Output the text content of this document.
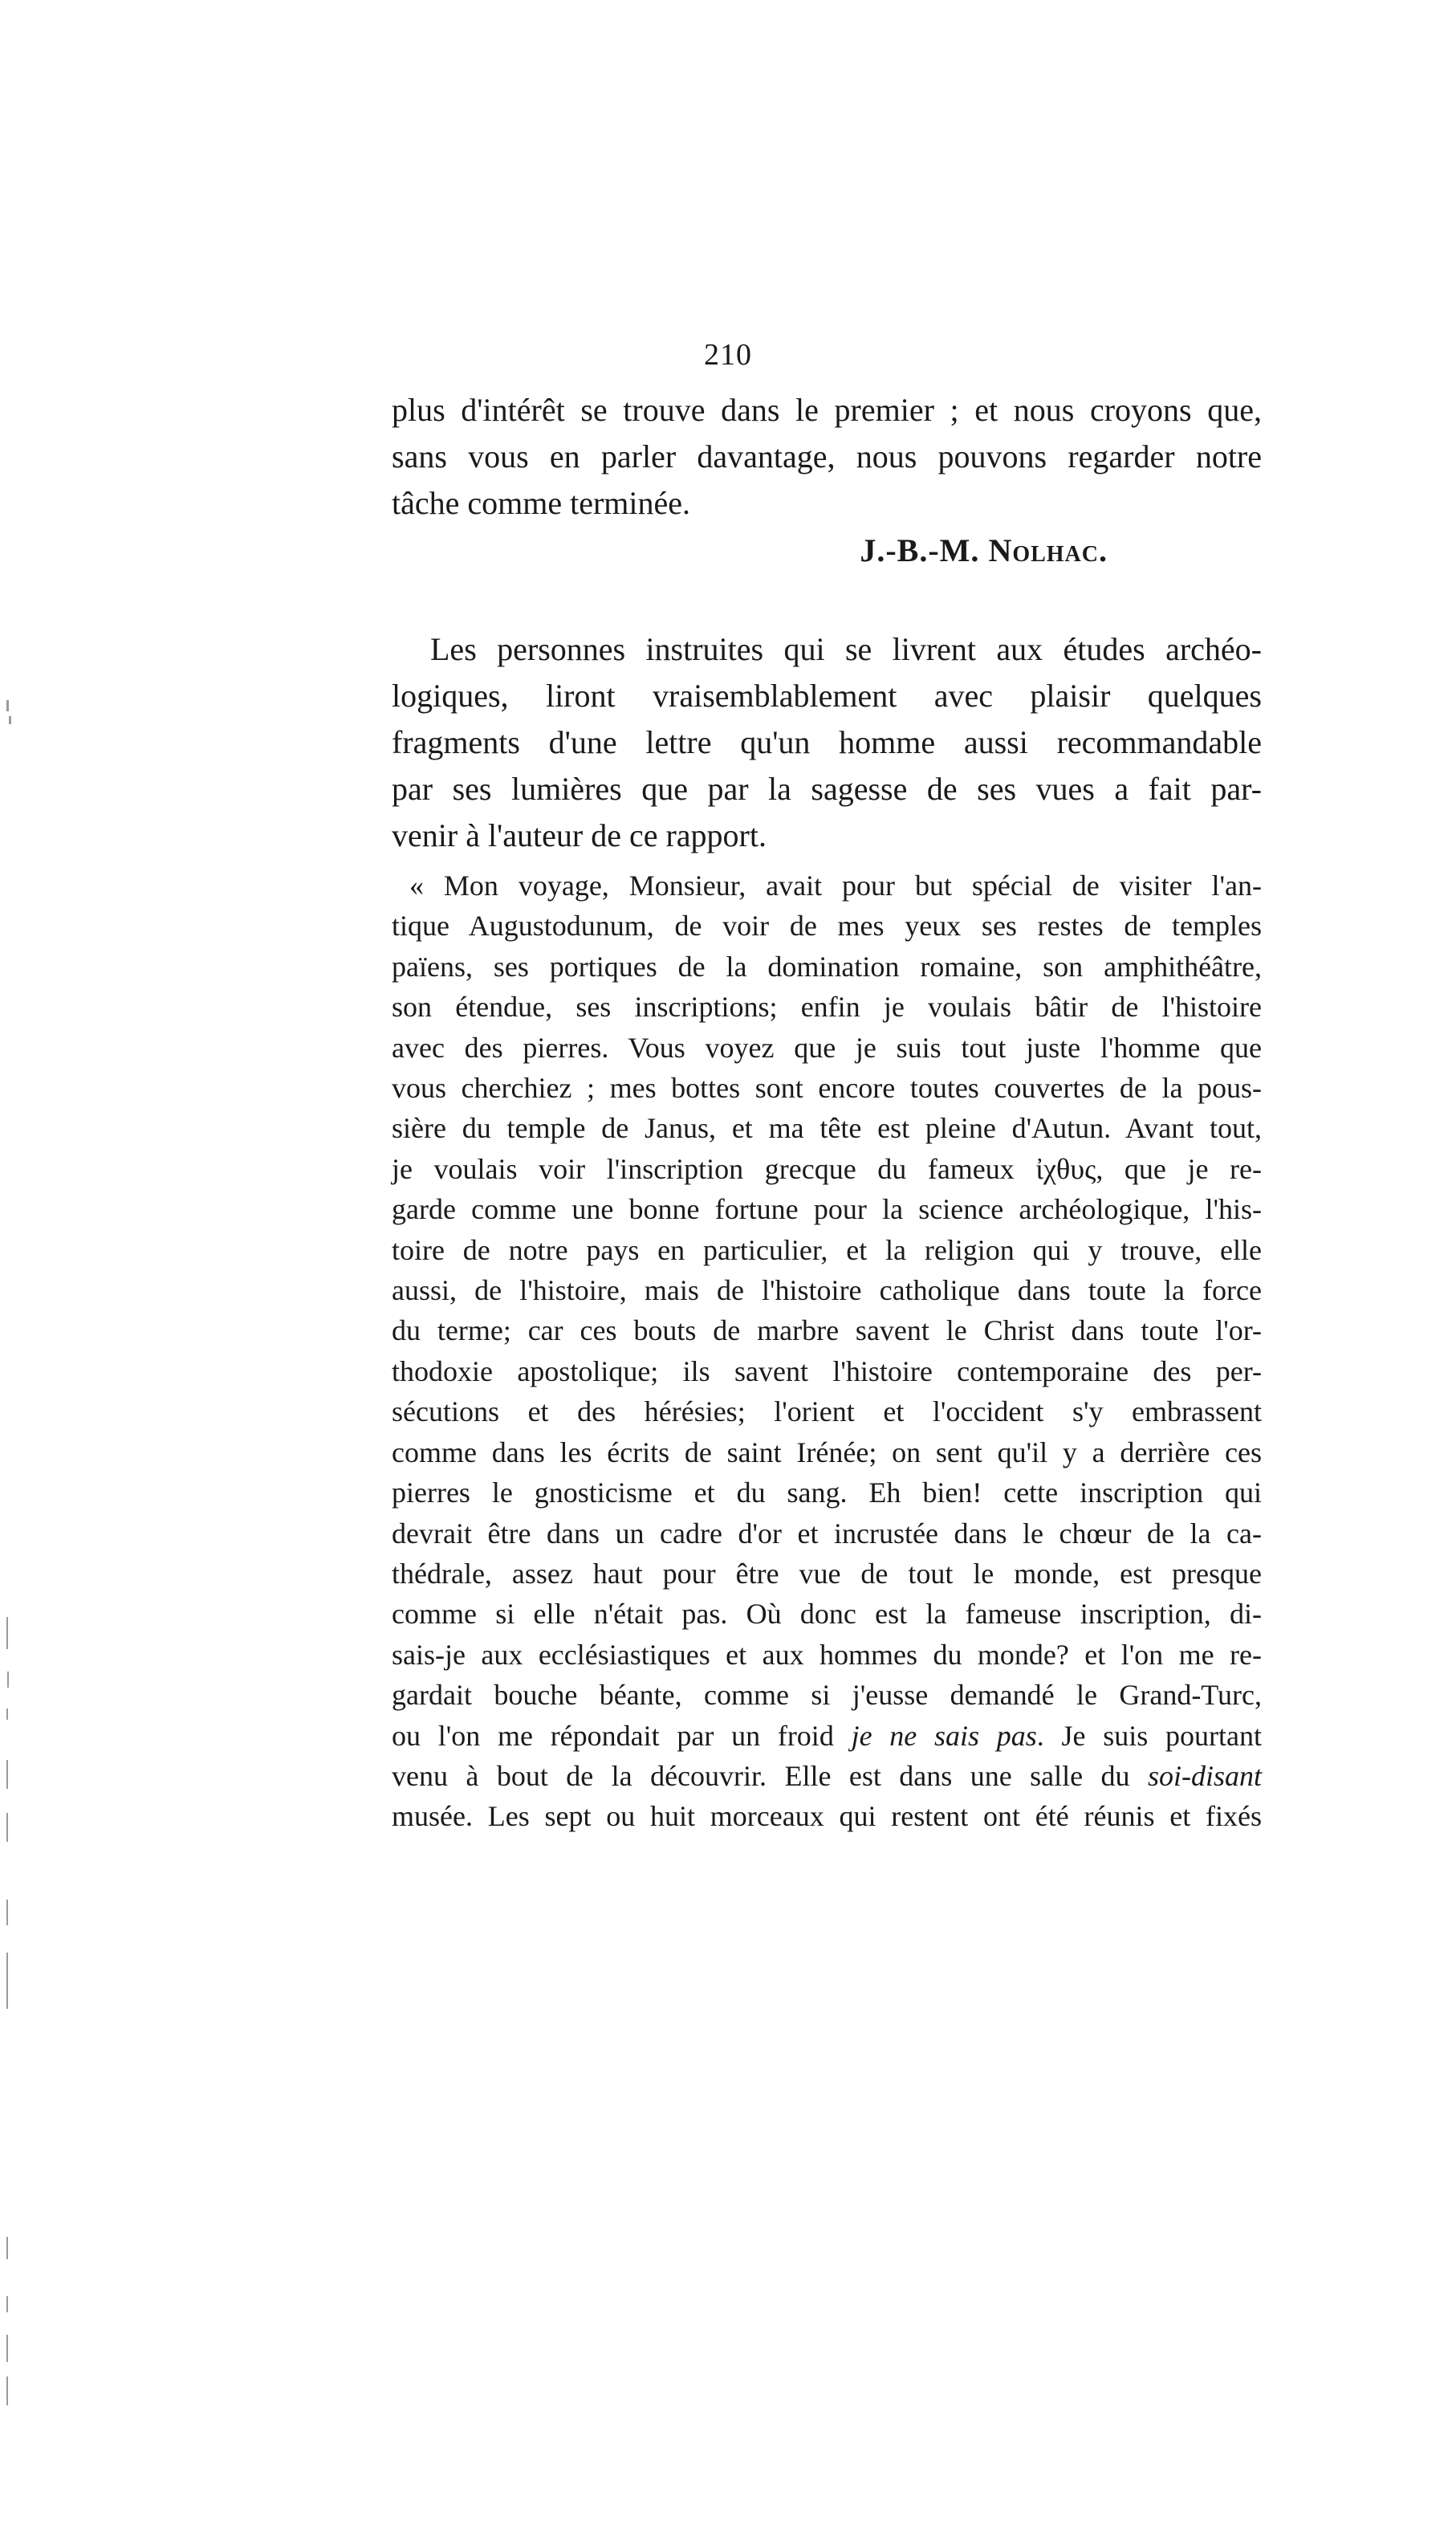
210
plus d'intérêt se trouve dans le premier ; et nous croyons que,
sans vous en parler davantage, nous pouvons regarder notre
tâche comme terminée.
J.-B.-M. Nolhac.
Les personnes instruites qui se livrent aux études archéo-
logiques, liront vraisemblablement avec plaisir quelques
fragments d'une lettre qu'un homme aussi recommandable
par ses lumières que par la sagesse de ses vues a fait par-
venir à l'auteur de ce rapport.
« Mon voyage, Monsieur, avait pour but spécial de visiter l'an-
tique Augustodunum, de voir de mes yeux ses restes de temples
païens, ses portiques de la domination romaine, son amphithéâtre,
son étendue, ses inscriptions; enfin je voulais bâtir de l'histoire
avec des pierres. Vous voyez que je suis tout juste l'homme que
vous cherchiez ; mes bottes sont encore toutes couvertes de la pous-
sière du temple de Janus, et ma tête est pleine d'Autun. Avant tout,
je voulais voir l'inscription grecque du fameux ἰχθυς, que je re-
garde comme une bonne fortune pour la science archéologique, l'his-
toire de notre pays en particulier, et la religion qui y trouve, elle
aussi, de l'histoire, mais de l'histoire catholique dans toute la force
du terme; car ces bouts de marbre savent le Christ dans toute l'or-
thodoxie apostolique; ils savent l'histoire contemporaine des per-
sécutions et des hérésies; l'orient et l'occident s'y embrassent
comme dans les écrits de saint Irénée; on sent qu'il y a derrière ces
pierres le gnosticisme et du sang. Eh bien! cette inscription qui
devrait être dans un cadre d'or et incrustée dans le chœur de la ca-
thédrale, assez haut pour être vue de tout le monde, est presque
comme si elle n'était pas. Où donc est la fameuse inscription, di-
sais-je aux ecclésiastiques et aux hommes du monde? et l'on me re-
gardait bouche béante, comme si j'eusse demandé le Grand-Turc,
ou l'on me répondait par un froid je ne sais pas. Je suis pourtant
venu à bout de la découvrir. Elle est dans une salle du soi-disant
musée. Les sept ou huit morceaux qui restent ont été réunis et fixés
